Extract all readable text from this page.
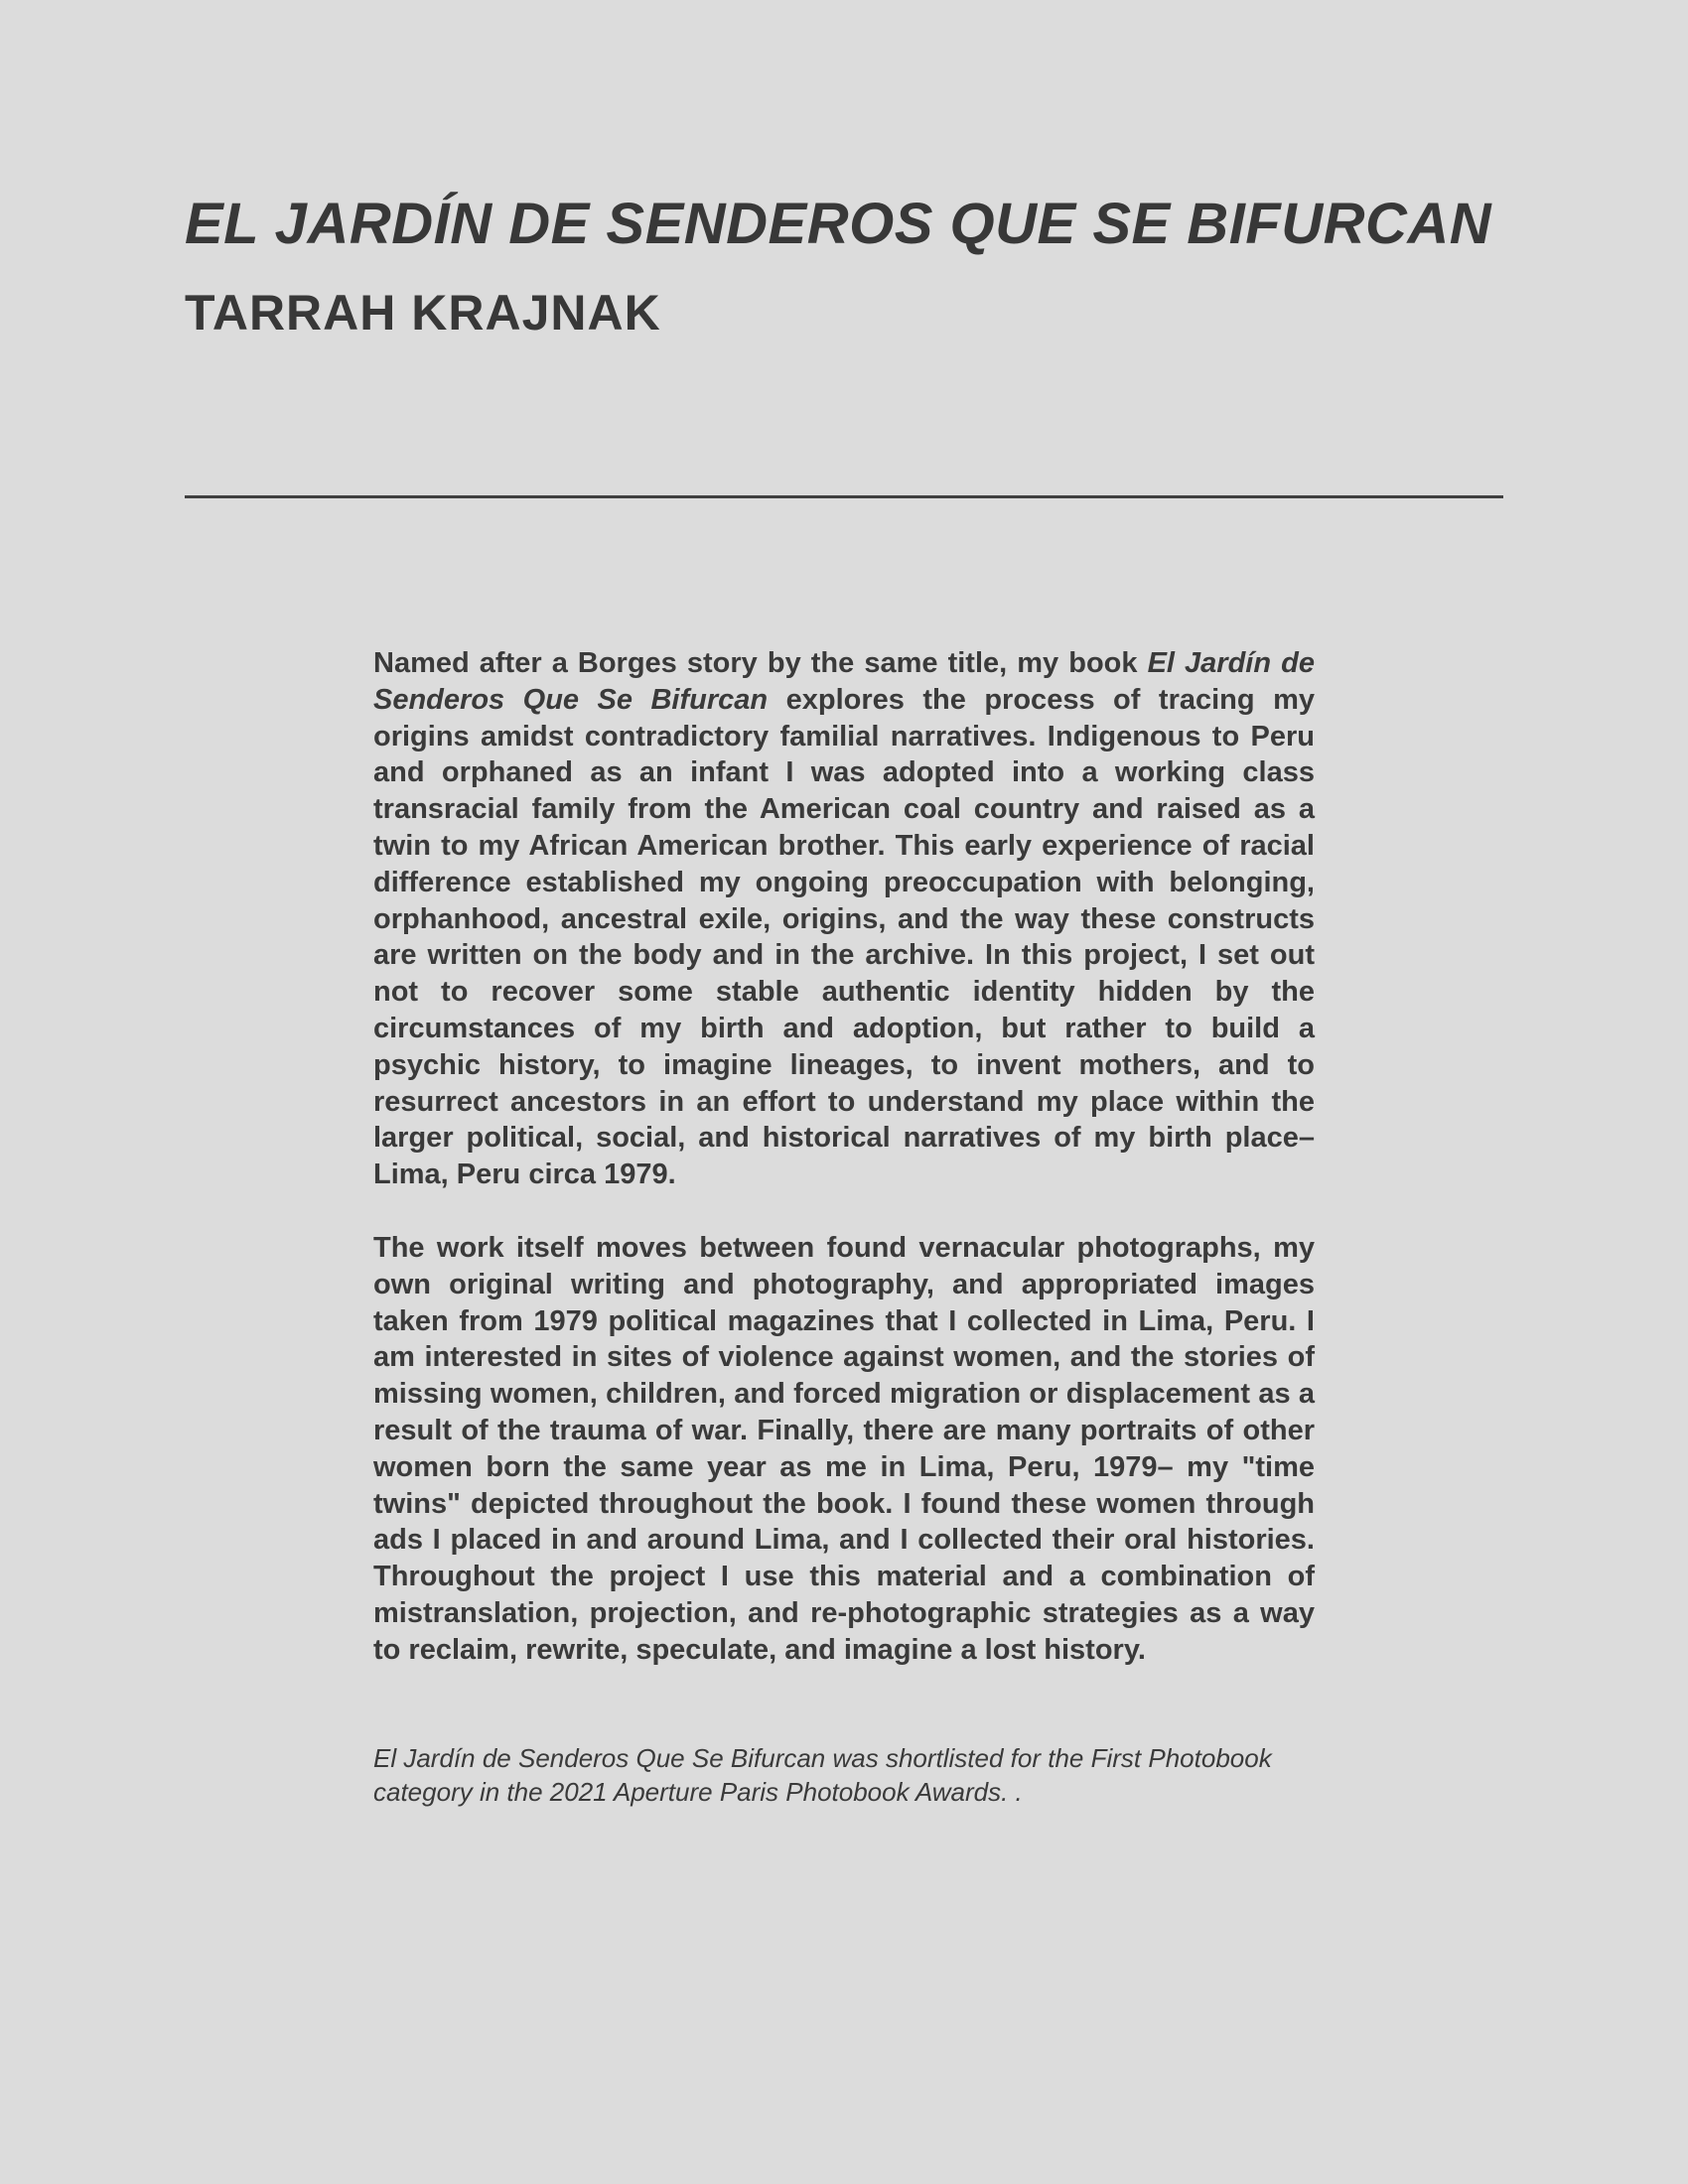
EL JARDÍN DE SENDEROS QUE SE BIFURCAN
TARRAH KRAJNAK

Named after a Borges story by the same title, my book El Jardín de Senderos Que Se Bifurcan explores the process of tracing my origins amidst contradictory familial narratives. Indigenous to Peru and orphaned as an infant I was adopted into a working class transracial family from the American coal country and raised as a twin to my African American brother. This early experience of racial difference established my ongoing preoccupation with belonging, orphanhood, ancestral exile, origins, and the way these constructs are written on the body and in the archive. In this project, I set out not to recover some stable authentic identity hidden by the circumstances of my birth and adoption, but rather to build a psychic history, to imagine lineages, to invent mothers, and to resurrect ancestors in an effort to understand my place within the larger political, social, and historical narratives of my birth place– Lima, Peru circa 1979.

The work itself moves between found vernacular photographs, my own original writing and photography, and appropriated images taken from 1979 political magazines that I collected in Lima, Peru. I am interested in sites of violence against women, and the stories of missing women, children, and forced migration or displacement as a result of the trauma of war. Finally, there are many portraits of other women born the same year as me in Lima, Peru, 1979– my "time twins" depicted throughout the book. I found these women through ads I placed in and around Lima, and I collected their oral histories. Throughout the project I use this material and a combination of mistranslation, projection, and re-photographic strategies as a way to reclaim, rewrite, speculate, and imagine a lost history.

El Jardín de Senderos Que Se Bifurcan was shortlisted for the First Photobook category in the 2021 Aperture Paris Photobook Awards. .
